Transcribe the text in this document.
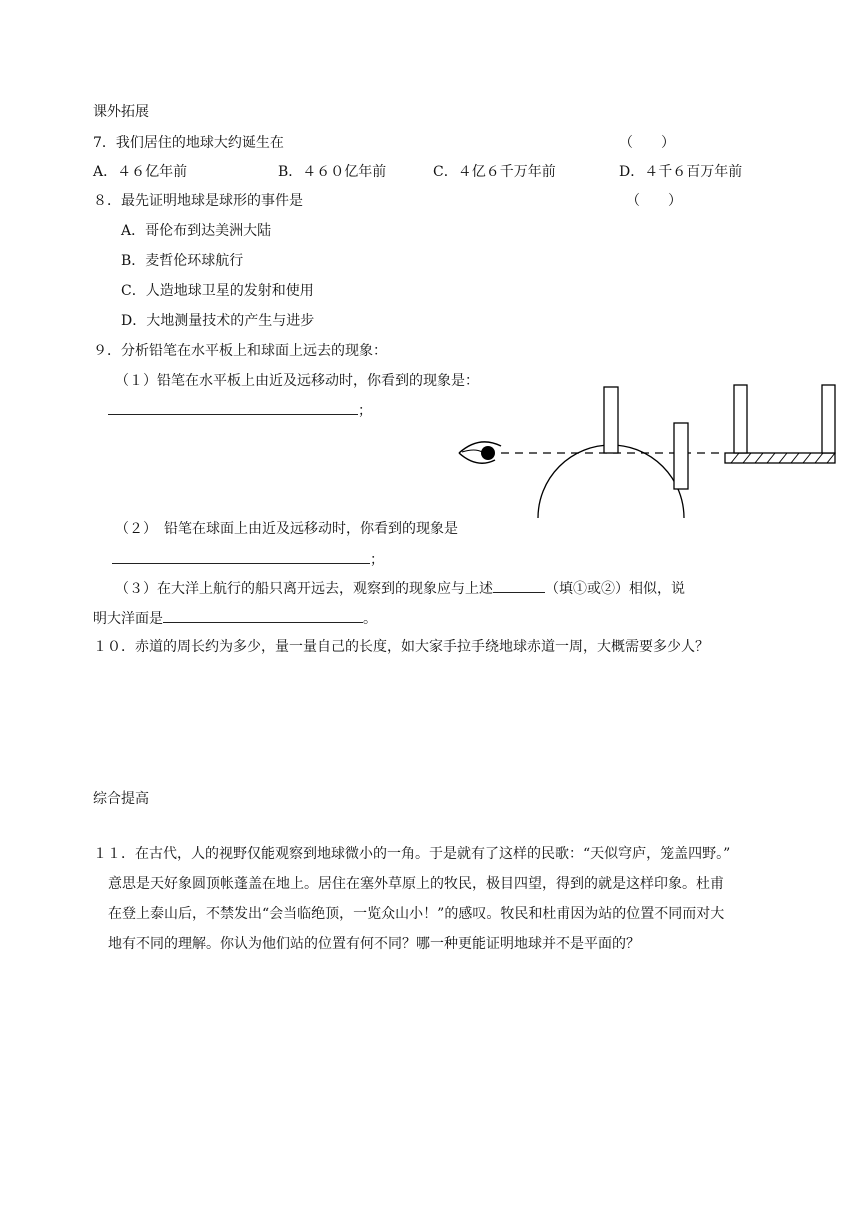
课外拓展
7．我们居住的地球大约诞生在	（　　）
A．４６亿年前	B．４６０亿年前	C．４亿６千万年前	D．４千６百万年前
８．最先证明地球是球形的事件是	（　　）
A．哥伦布到达美洲大陆
B．麦哲伦环球航行
C．人造地球卫星的发射和使用
D．大地测量技术的产生与进步
９．分析铅笔在水平板上和球面上远去的现象：
（１）铅笔在水平板上由近及远移动时，你看到的现象是：
；
（２）　铅笔在球面上由近及远移动时，你看到的现象是
；
（３）在大洋上航行的船只离开远去，观察到的现象应与上述	（填①或②）相似，说
明大洋面是	。
１０．赤道的周长约为多少，量一量自己的长度，如大家手拉手绕地球赤道一周，大概需要多少人？
综合提高
１１．在古代，人的视野仅能观察到地球微小的一角。于是就有了这样的民歌：“天似穹庐，笼盖四野。”
意思是天好象圆顶帐蓬盖在地上。居住在塞外草原上的牧民，极目四望，得到的就是这样印象。杜甫
在登上泰山后，不禁发出“会当临绝顶，一览众山小！”的感叹。牧民和杜甫因为站的位置不同而对大
地有不同的理解。你认为他们站的位置有何不同？哪一种更能证明地球并不是平面的？
